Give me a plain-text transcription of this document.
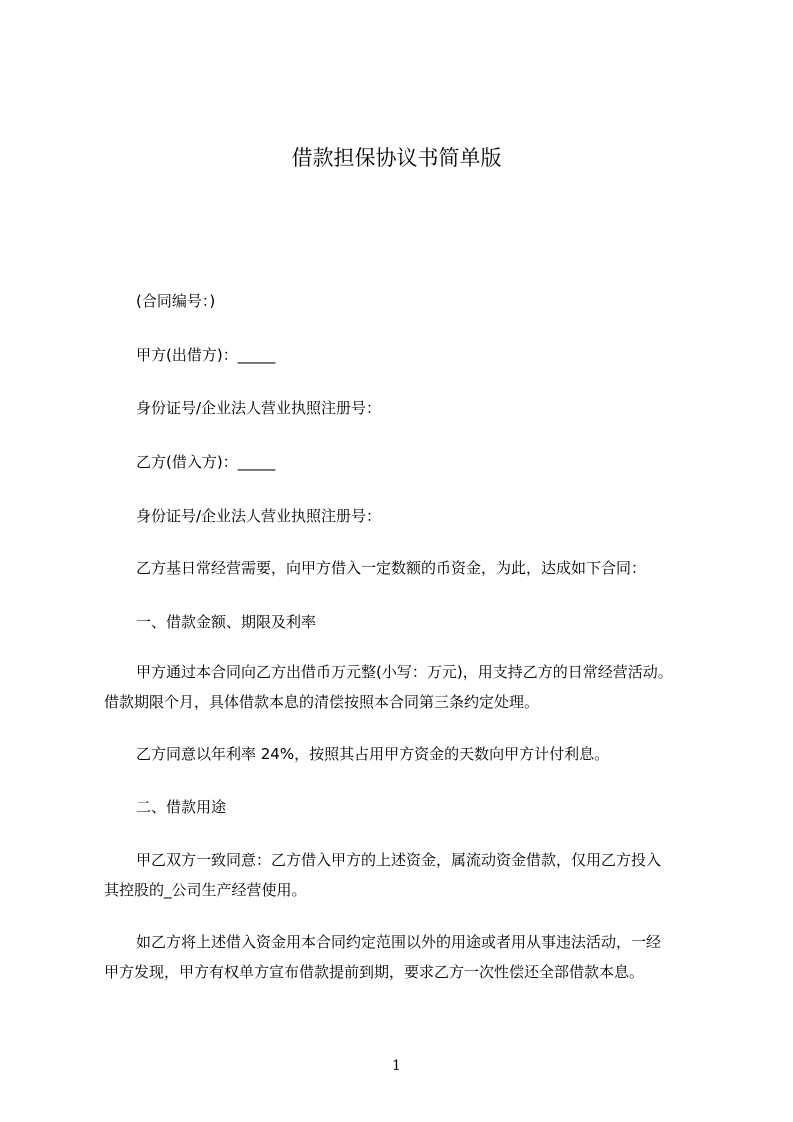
借款担保协议书简单版
(合同编号：)
甲方(出借方)：_____
身份证号/企业法人营业执照注册号：
乙方(借入方)：_____
身份证号/企业法人营业执照注册号：
乙方基日常经营需要，向甲方借入一定数额的币资金，为此，达成如下合同：
一、借款金额、期限及利率
甲方通过本合同向乙方出借币万元整(小写：万元)，用支持乙方的日常经营活动。
借款期限个月，具体借款本息的清偿按照本合同第三条约定处理。
乙方同意以年利率 24%，按照其占用甲方资金的天数向甲方计付利息。
二、借款用途
甲乙双方一致同意：乙方借入甲方的上述资金，属流动资金借款，仅用乙方投入
其控股的_公司生产经营使用。
如乙方将上述借入资金用本合同约定范围以外的用途或者用从事违法活动，一经
甲方发现，甲方有权单方宣布借款提前到期，要求乙方一次性偿还全部借款本息。
1
